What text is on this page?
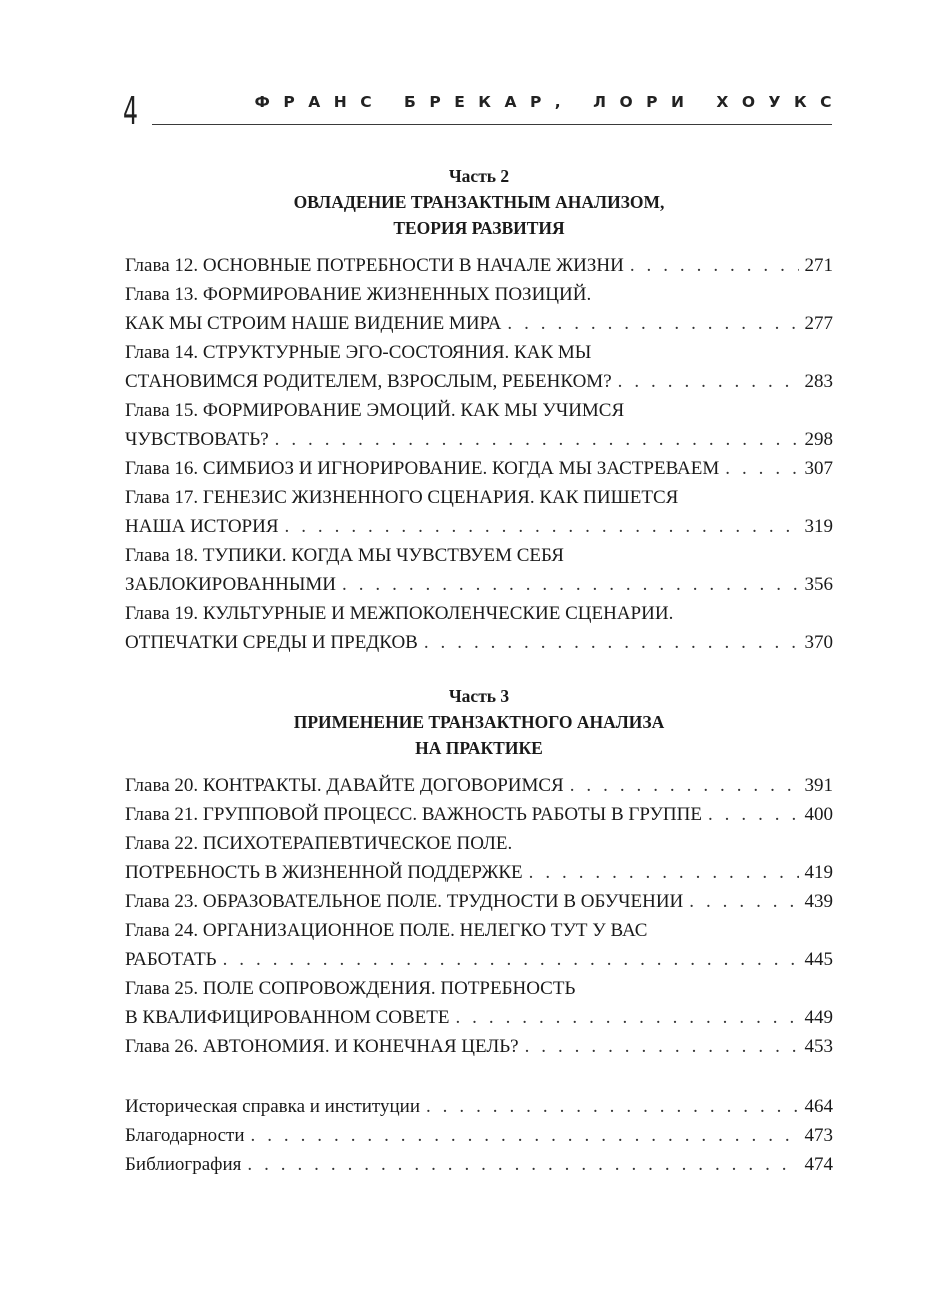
4	ФРАНС БРЕКАР, ЛОРИ ХОУКС
Часть 2
ОВЛАДЕНИЕ ТРАНЗАКТНЫМ АНАЛИЗОМ,
ТЕОРИЯ РАЗВИТИЯ
Глава 12. ОСНОВНЫЕ ПОТРЕБНОСТИ В НАЧАЛЕ ЖИЗНИ . . .	271
Глава 13. ФОРМИРОВАНИЕ ЖИЗНЕННЫХ ПОЗИЦИЙ.
КАК МЫ СТРОИМ НАШЕ ВИДЕНИЕ МИРА . . .	277
Глава 14. СТРУКТУРНЫЕ ЭГО-СОСТОЯНИЯ. КАК МЫ
СТАНОВИМСЯ РОДИТЕЛЕМ, ВЗРОСЛЫМ, РЕБЕНКОМ? . . .	283
Глава 15. ФОРМИРОВАНИЕ ЭМОЦИЙ. КАК МЫ УЧИМСЯ
ЧУВСТВОВАТЬ? . . .	298
Глава 16. СИМБИОЗ И ИГНОРИРОВАНИЕ. КОГДА МЫ ЗАСТРЕВАЕМ . . .	307
Глава 17. ГЕНЕЗИС ЖИЗНЕННОГО СЦЕНАРИЯ. КАК ПИШЕТСЯ
НАША ИСТОРИЯ . . .	319
Глава 18. ТУПИКИ. КОГДА МЫ ЧУВСТВУЕМ СЕБЯ
ЗАБЛОКИРОВАННЫМИ . . .	356
Глава 19. КУЛЬТУРНЫЕ И МЕЖПОКОЛЕНЧЕСКИЕ СЦЕНАРИИ.
ОТПЕЧАТКИ СРЕДЫ И ПРЕДКОВ . . .	370
Часть 3
ПРИМЕНЕНИЕ ТРАНЗАКТНОГО АНАЛИЗА
НА ПРАКТИКЕ
Глава 20. КОНТРАКТЫ. ДАВАЙТЕ ДОГОВОРИМСЯ . . .	391
Глава 21. ГРУППОВОЙ ПРОЦЕСС. ВАЖНОСТЬ РАБОТЫ В ГРУППЕ . . .	400
Глава 22. ПСИХОТЕРАПЕВТИЧЕСКОЕ ПОЛЕ.
ПОТРЕБНОСТЬ В ЖИЗНЕННОЙ ПОДДЕРЖКЕ . . .	419
Глава 23. ОБРАЗОВАТЕЛЬНОЕ ПОЛЕ. ТРУДНОСТИ В ОБУЧЕНИИ . . .	439
Глава 24. ОРГАНИЗАЦИОННОЕ ПОЛЕ. НЕЛЕГКО ТУТ У ВАС
РАБОТАТЬ . . .	445
Глава 25. ПОЛЕ СОПРОВОЖДЕНИЯ. ПОТРЕБНОСТЬ
В КВАЛИФИЦИРОВАННОМ СОВЕТЕ . . .	449
Глава 26. АВТОНОМИЯ. И КОНЕЧНАЯ ЦЕЛЬ? . . .	453
Историческая справка и институции . . .	464
Благодарности . . .	473
Библиография . . .	474
